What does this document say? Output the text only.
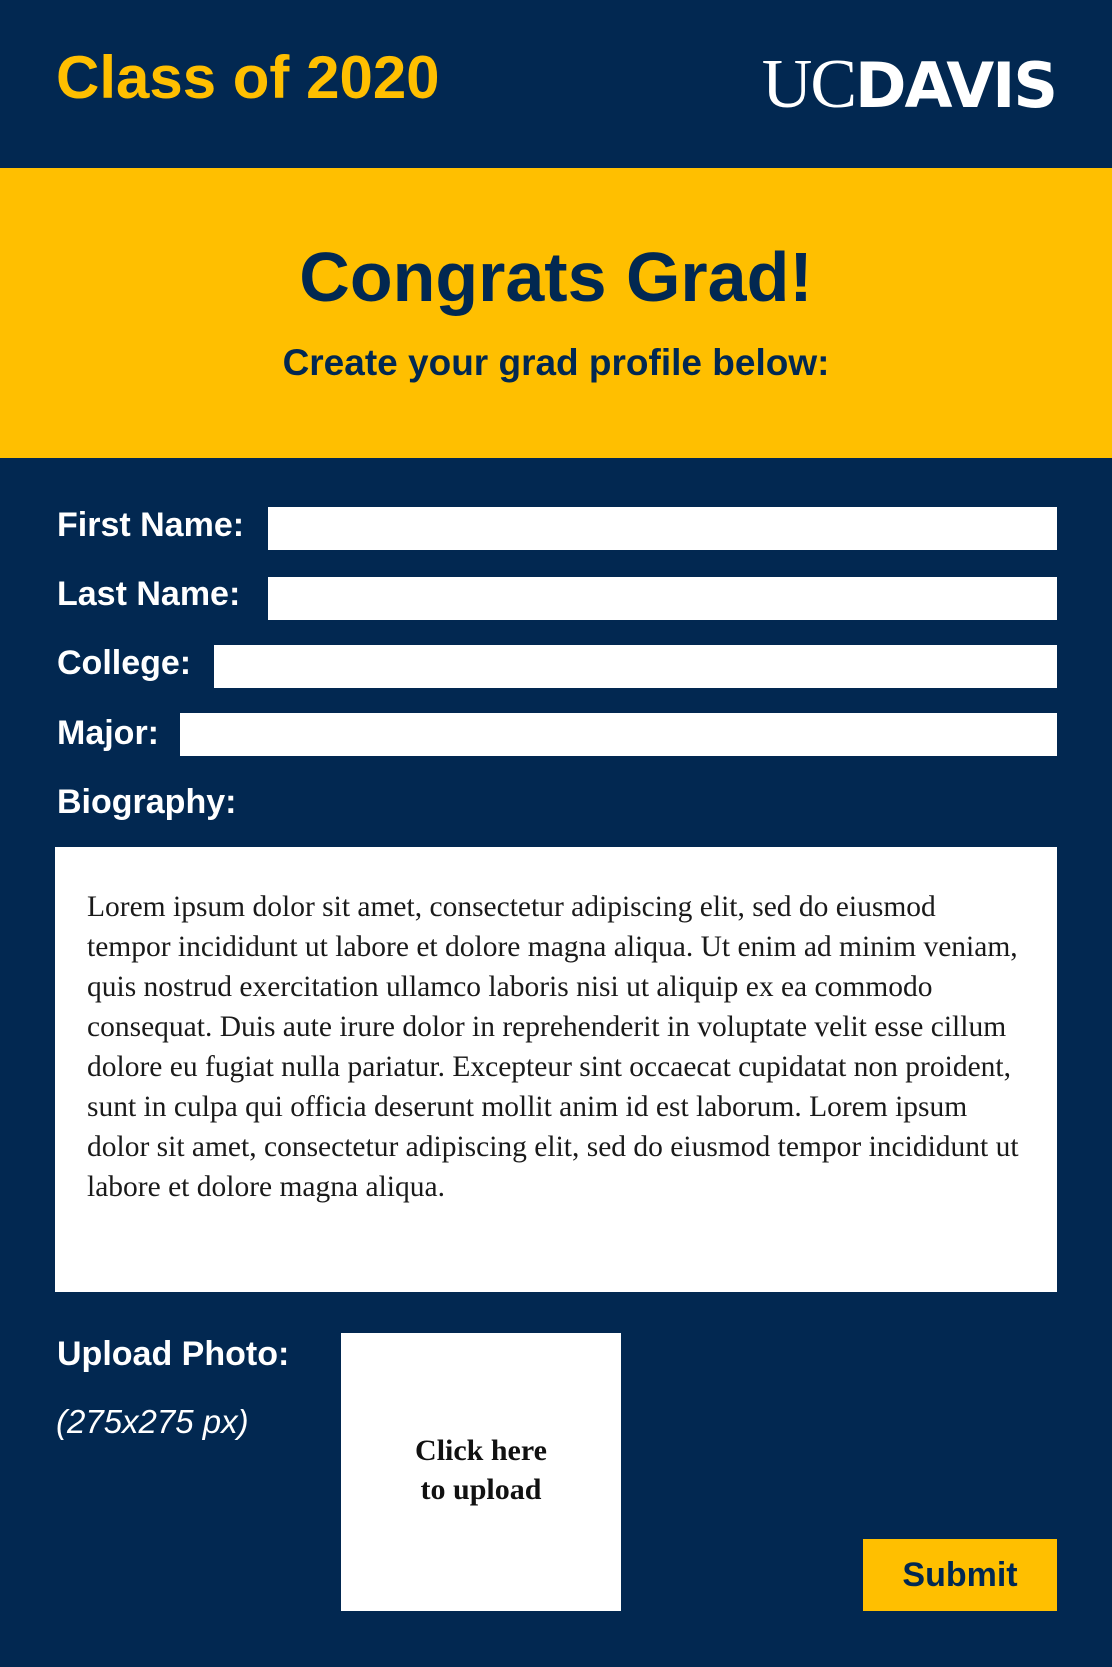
Class of 2020	UCDAVIS
Congrats Grad!
Create your grad profile below:
First Name:
Last Name:
College:
Major:
Biography:
Lorem ipsum dolor sit amet, consectetur adipiscing elit, sed do eiusmod tempor incididunt ut labore et dolore magna aliqua. Ut enim ad minim veniam, quis nostrud exercitation ullamco laboris nisi ut aliquip ex ea commodo consequat. Duis aute irure dolor in reprehenderit in voluptate velit esse cillum dolore eu fugiat nulla pariatur. Excepteur sint occaecat cupidatat non proident, sunt in culpa qui officia deserunt mollit anim id est laborum. Lorem ipsum dolor sit amet, consectetur adipiscing elit, sed do eiusmod tempor incididunt ut labore et dolore magna aliqua.
Upload Photo:
(275x275 px)
Click here
to upload
Submit
